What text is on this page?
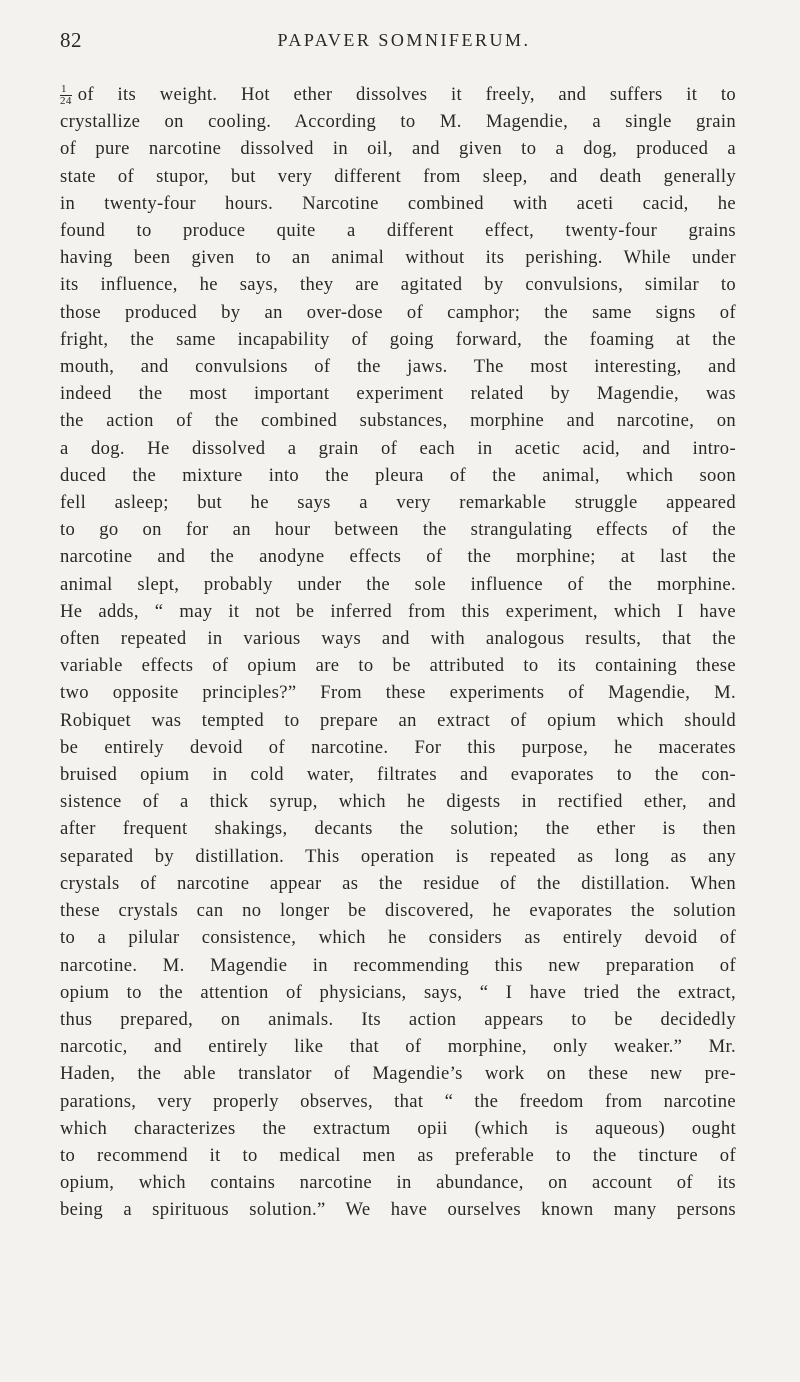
82	PAPAVER SOMNIFERUM.
$\frac{1}{24}$ of its weight. Hot ether dissolves it freely, and suffers it to
crystallize on cooling. According to M. Magendie, a single grain
of pure narcotine dissolved in oil, and given to a dog, produced a
state of stupor, but very different from sleep, and death generally
in twenty-four hours. Narcotine combined with aceti cacid, he
found to produce quite a different effect, twenty-four grains
having been given to an animal without its perishing. While under
its influence, he says, they are agitated by convulsions, similar to
those produced by an over-dose of camphor; the same signs of
fright, the same incapability of going forward, the foaming at the
mouth, and convulsions of the jaws. The most interesting, and
indeed the most important experiment related by Magendie, was
the action of the combined substances, morphine and narcotine, on
a dog. He dissolved a grain of each in acetic acid, and intro-
duced the mixture into the pleura of the animal, which soon
fell asleep; but he says a very remarkable struggle appeared
to go on for an hour between the strangulating effects of the
narcotine and the anodyne effects of the morphine; at last the
animal slept, probably under the sole influence of the morphine.
He adds, “ may it not be inferred from this experiment, which I have
often repeated in various ways and with analogous results, that the
variable effects of opium are to be attributed to its containing these
two opposite principles?” From these experiments of Magendie, M.
Robiquet was tempted to prepare an extract of opium which should
be entirely devoid of narcotine. For this purpose, he macerates
bruised opium in cold water, filtrates and evaporates to the con-
sistence of a thick syrup, which he digests in rectified ether, and
after frequent shakings, decants the solution; the ether is then
separated by distillation. This operation is repeated as long as any
crystals of narcotine appear as the residue of the distillation. When
these crystals can no longer be discovered, he evaporates the solution
to a pilular consistence, which he considers as entirely devoid of
narcotine. M. Magendie in recommending this new preparation of
opium to the attention of physicians, says, “ I have tried the extract,
thus prepared, on animals. Its action appears to be decidedly
narcotic, and entirely like that of morphine, only weaker.” Mr.
Haden, the able translator of Magendie’s work on these new pre-
parations, very properly observes, that “ the freedom from narcotine
which characterizes the extractum opii (which is aqueous) ought
to recommend it to medical men as preferable to the tincture of
opium, which contains narcotine in abundance, on account of its
being a spirituous solution.” We have ourselves known many persons
